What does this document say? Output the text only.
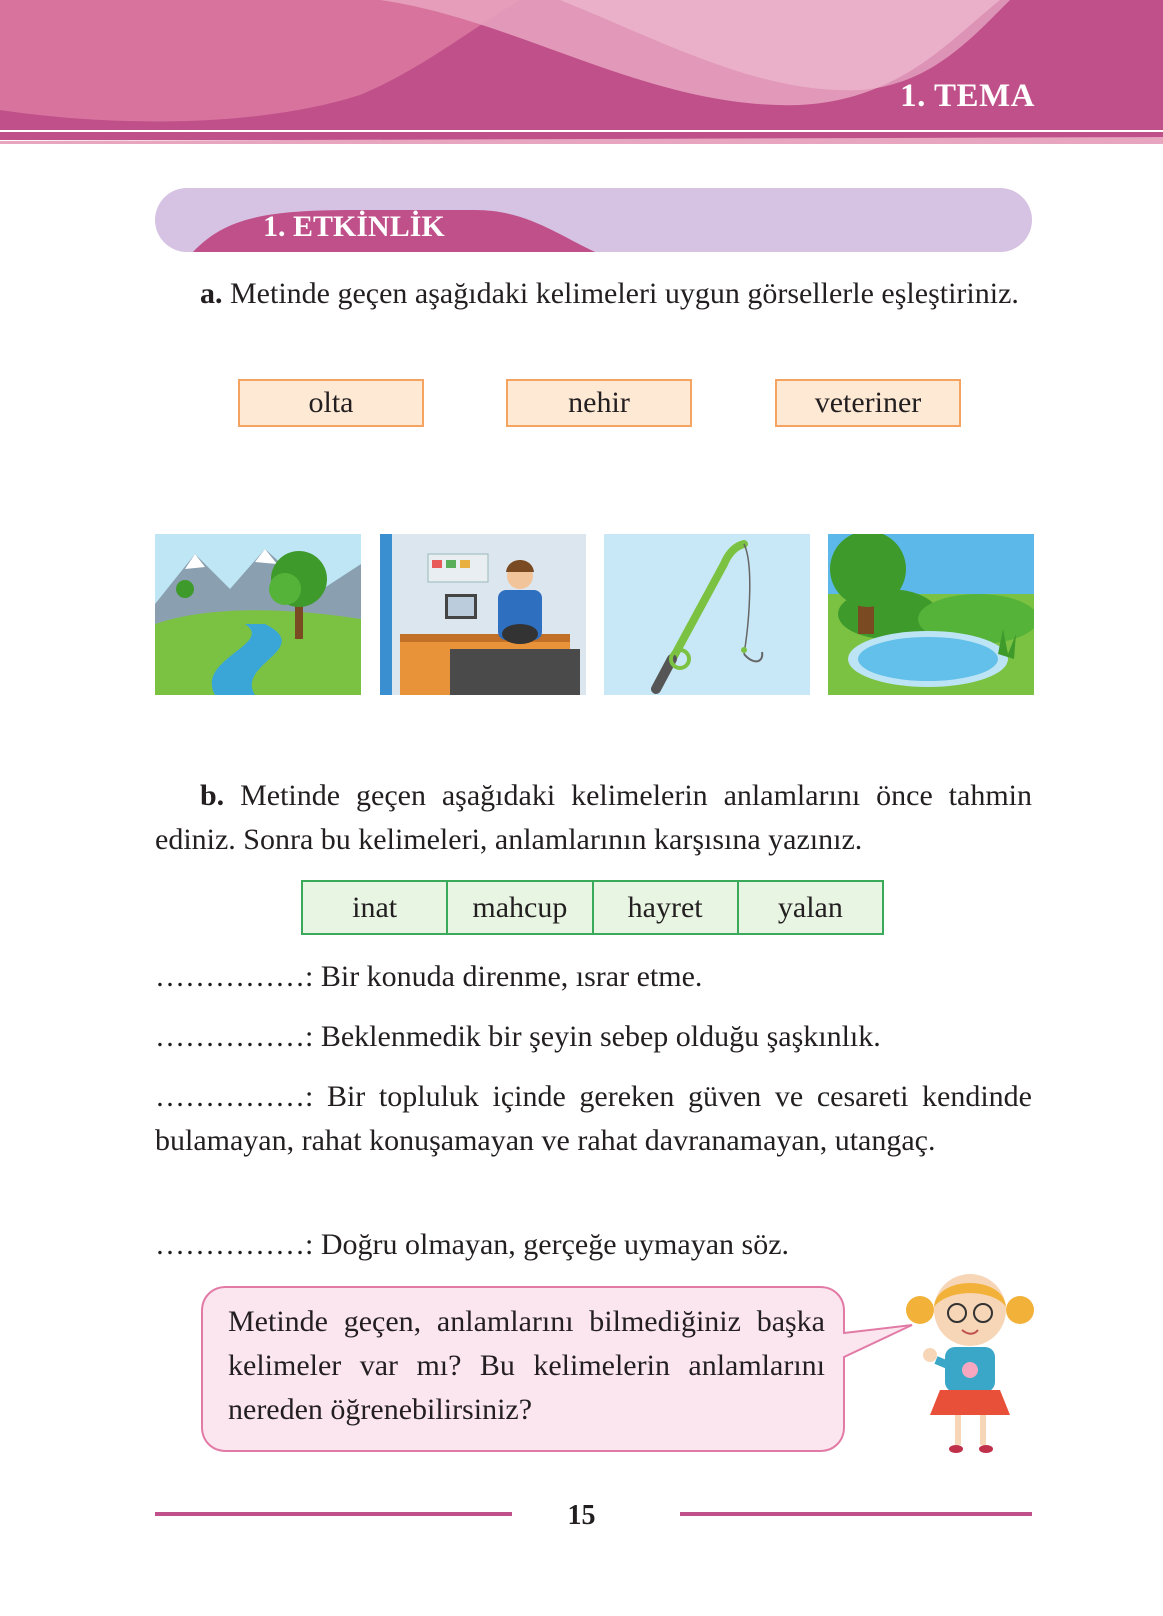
1. TEMA
1. ETKİNLİK
a. Metinde geçen aşağıdaki kelimeleri uygun görsellerle eşleştiriniz.
olta	nehir	veteriner
b. Metinde geçen aşağıdaki kelimelerin anlamlarını önce tahmin ediniz. Sonra bu kelimeleri, anlamlarının karşısına yazınız.
inat	mahcup	hayret	yalan
……………: Bir konuda direnme, ısrar etme.
……………: Beklenmedik bir şeyin sebep olduğu şaşkınlık.
……………: Bir topluluk içinde gereken güven ve cesareti kendinde bulamayan, rahat konuşamayan ve rahat davranamayan, utangaç.
……………: Doğru olmayan, gerçeğe uymayan söz.
Metinde geçen, anlamlarını bilmediğiniz başka kelimeler var mı? Bu kelimelerin anlamlarını nereden öğrenebilirsiniz?
15
